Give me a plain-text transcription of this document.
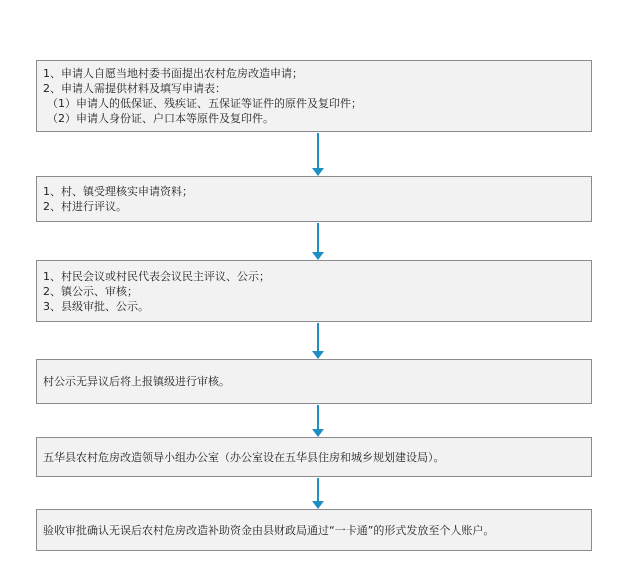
1、申请人自愿当地村委书面提出农村危房改造申请；
2、申请人需提供材料及填写申请表：
（1）申请人的低保证、残疾证、五保证等证件的原件及复印件；
（2）申请人身份证、户口本等原件及复印件。
1、村、镇受理核实申请资料；
2、村进行评议。
1、村民会议或村民代表会议民主评议、公示；
2、镇公示、审核；
3、县级审批、公示。
村公示无异议后将上报镇级进行审核。
五华县农村危房改造领导小组办公室（办公室设在五华县住房和城乡规划建设局）。
验收审批确认无误后农村危房改造补助资金由县财政局通过“一卡通”的形式发放至个人账户。
